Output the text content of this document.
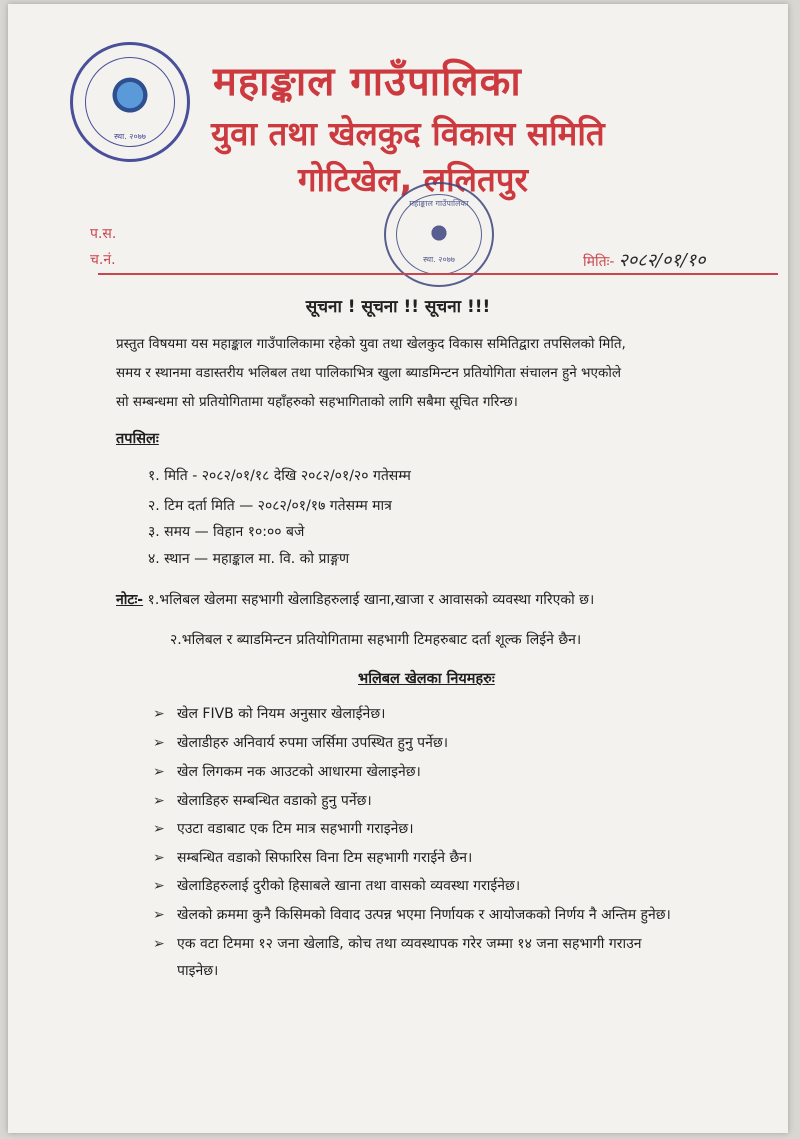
स्था. २०७७
महाङ्काल गाउँपालिका
युवा तथा खेलकुद विकास समिति
गोटिखेल, ललितपुर
महाङ्काल गाउँपालिका
स्था. २०७७
प.स.
च.नं.	मितिः- २०८२/०१/१०
सूचना ! सूचना !! सूचना !!!
प्रस्तुत विषयमा यस महाङ्काल गाउँपालिकामा रहेको युवा तथा खेलकुद विकास समितिद्वारा तपसिलको मिति,
समय र स्थानमा वडास्तरीय भलिबल तथा पालिकाभित्र खुला ब्याडमिन्टन प्रतियोगिता संचालन हुने भएकोले
सो सम्बन्धमा सो प्रतियोगितामा यहाँहरुको सहभागिताको लागि सबैमा सूचित गरिन्छ।
तपसिलः
१. मिति - २०८२/०१/१८ देखि २०८२/०१/२० गतेसम्म
२. टिम दर्ता मिति — २०८२/०१/१७ गतेसम्म मात्र
३. समय — विहान १०:०० बजे
४. स्थान — महाङ्काल मा. वि. को प्राङ्गण
नोटः- १.भलिबल खेलमा सहभागी खेलाडिहरुलाई खाना,खाजा र आवासको व्यवस्था गरिएको छ।
२.भलिबल र ब्याडमिन्टन प्रतियोगितामा सहभागी टिमहरुबाट दर्ता शूल्क लिईने छैन।
भलिबल खेलका नियमहरुः
➢ खेल FIVB को नियम अनुसार खेलाईनेछ।
➢ खेलाडीहरु अनिवार्य रुपमा जर्सिमा उपस्थित हुनु पर्नेछ।
➢ खेल लिगकम नक आउटको आधारमा खेलाइनेछ।
➢ खेलाडिहरु सम्बन्धित वडाको हुनु पर्नेछ।
➢ एउटा वडाबाट एक टिम मात्र सहभागी गराइनेछ।
➢ सम्बन्धित वडाको सिफारिस विना टिम सहभागी गराईने छैन।
➢ खेलाडिहरुलाई दुरीको हिसाबले खाना तथा वासको व्यवस्था गराईनेछ।
➢ खेलको क्रममा कुनै किसिमको विवाद उत्पन्न भएमा निर्णायक र आयोजकको निर्णय नै अन्तिम हुनेछ।
➢ एक वटा टिममा १२ जना खेलाडि, कोच तथा व्यवस्थापक गरेर जम्मा १४ जना सहभागी गराउन
पाइनेछ।
